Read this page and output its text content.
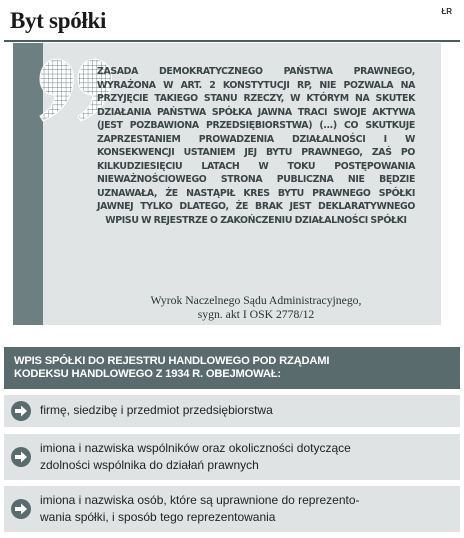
Byt spółki	ŁR
ZASADA DEMOKRATYCZNEGO PAŃSTWA PRAWNEGO, WYRAŻONA W ART. 2 KONSTYTUCJI RP, NIE POZWALA NA PRZYJĘCIE TAKIEGO STANU RZECZY, W KTÓRYM NA SKUTEK DZIAŁANIA PAŃSTWA SPÓŁKA JAWNA TRACI SWOJE AKTYWA (JEST POZBAWIONA PRZEDSIĘBIORSTWA) (...) CO SKUTKUJE ZAPRZESTANIEM PROWADZENIA DZIAŁALNOŚCI I W KONSEKWENCJI USTANIEM JEJ BYTU PRAWNEGO, ZAŚ PO KILKUDZIESIĘCIU LATACH W TOKU POSTĘPOWANIA NIEWAŻNOŚCIOWEGO STRONA PUBLICZNA NIE BĘDZIE UZNAWAŁA, ŻE NASTĄPIŁ KRES BYTU PRAWNEGO SPÓŁKI JAWNEJ TYLKO DLATEGO, ŻE BRAK JEST DEKLARATYWNEGO WPISU W REJESTRZE O ZAKOŃCZENIU DZIAŁALNOŚCI SPÓŁKI
Wyrok Naczelnego Sądu Administracyjnego,
sygn. akt I OSK 2778/12
WPIS SPÓŁKI DO REJESTRU HANDLOWEGO POD RZĄDAMI
KODEKSU HANDLOWEGO Z 1934 R. OBEJMOWAŁ:
firmę, siedzibę i przedmiot przedsiębiorstwa
imiona i nazwiska wspólników oraz okoliczności dotyczące
zdolności wspólnika do działań prawnych
imiona i nazwiska osób, które są uprawnione do reprezento-
wania spółki, i sposób tego reprezentowania
